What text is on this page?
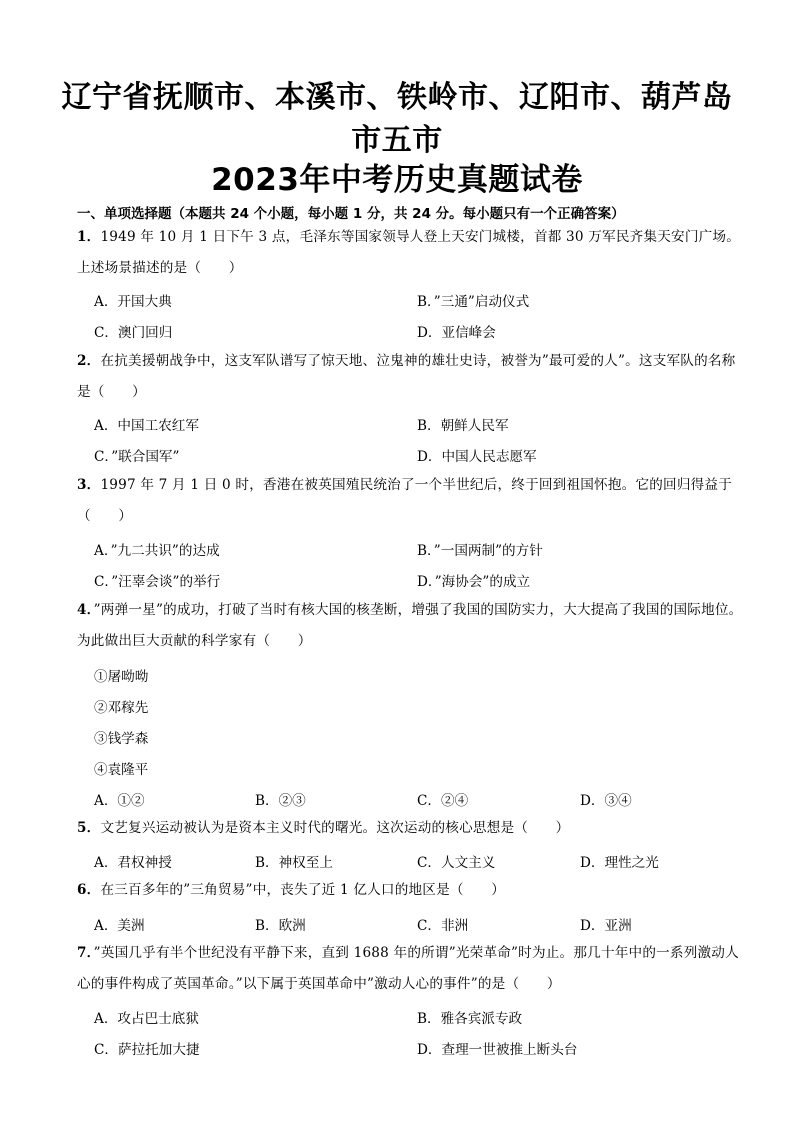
辽宁省抚顺市、本溪市、铁岭市、辽阳市、葫芦岛
市五市
2023年中考历史真题试卷
一、单项选择题（本题共 24 个小题，每小题 1 分，共 24 分。每小题只有一个正确答案）
1．1949 年 10 月 1 日下午 3 点，毛泽东等国家领导人登上天安门城楼，首都 30 万军民齐集天安门广场。上述场景描述的是（　　）
A．开国大典	B．”三通”启动仪式
C．澳门回归	D．亚信峰会
2．在抗美援朝战争中，这支军队谱写了惊天地、泣鬼神的雄壮史诗，被誉为”最可爱的人”。这支军队的名称是（　　）
A．中国工农红军	B．朝鲜人民军
C．”联合国军”	D．中国人民志愿军
3．1997 年 7 月 1 日 0 时，香港在被英国殖民统治了一个半世纪后，终于回到祖国怀抱。它的回归得益于（　　）
A．”九二共识”的达成	B．”一国两制”的方针
C．”汪辜会谈”的举行	D．”海协会”的成立
4．”两弹一星”的成功，打破了当时有核大国的核垄断，增强了我国的国防实力，大大提高了我国的国际地位。为此做出巨大贡献的科学家有（　　）
①屠呦呦
②邓稼先
③钱学森
④袁隆平
A．①②	B．②③	C．②④	D．③④
5．文艺复兴运动被认为是资本主义时代的曙光。这次运动的核心思想是（　　）
A．君权神授	B．神权至上	C．人文主义	D．理性之光
6．在三百多年的”三角贸易”中，丧失了近 1 亿人口的地区是（　　）
A．美洲	B．欧洲	C．非洲	D．亚洲
7．”英国几乎有半个世纪没有平静下来，直到 1688 年的所谓”光荣革命”时为止。那几十年中的一系列激动人心的事件构成了英国革命。”以下属于英国革命中”激动人心的事件”的是（　　）
A．攻占巴士底狱	B．雅各宾派专政
C．萨拉托加大捷	D．查理一世被推上断头台
